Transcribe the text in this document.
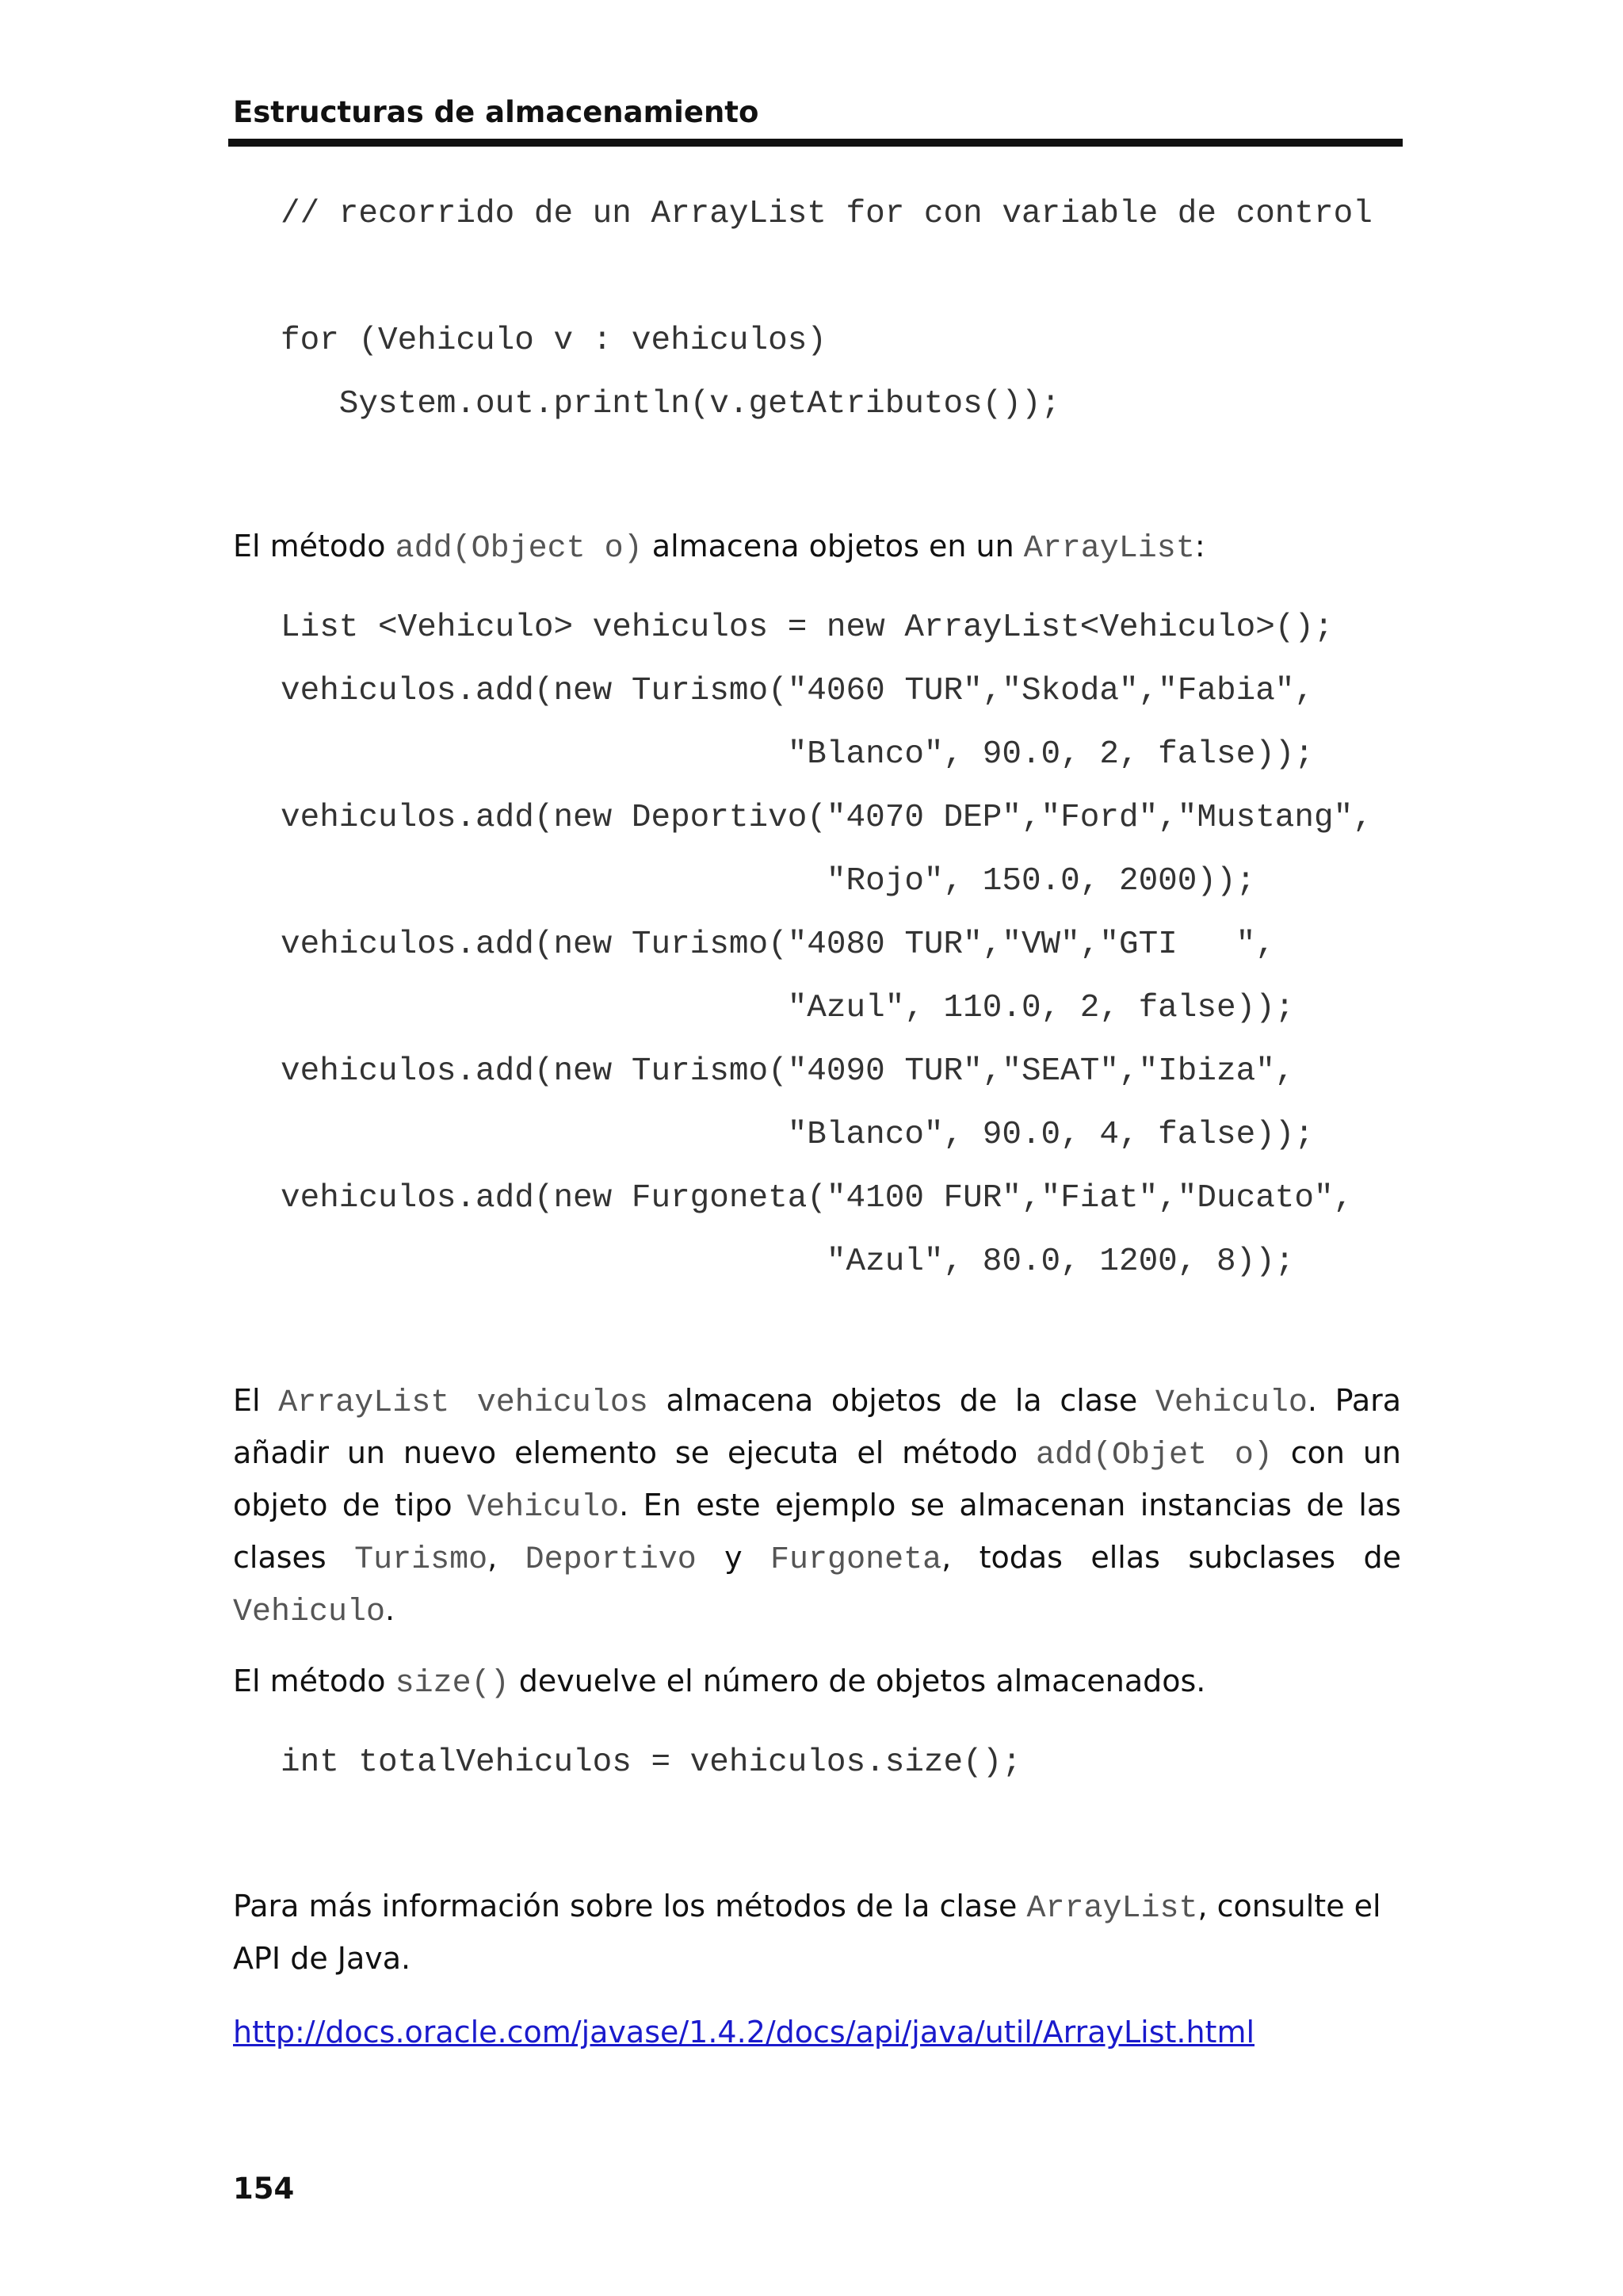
Estructuras de almacenamiento
// recorrido de un ArrayList for con variable de control

for (Vehiculo v : vehiculos)
System.out.println(v.getAtributos());

El método add(Object o) almacena objetos en un ArrayList:

List <Vehiculo> vehiculos = new ArrayList<Vehiculo>();
vehiculos.add(new Turismo("4060 TUR","Skoda","Fabia",
"Blanco", 90.0, 2, false));
vehiculos.add(new Deportivo("4070 DEP","Ford","Mustang",
"Rojo", 150.0, 2000));
vehiculos.add(new Turismo("4080 TUR","VW","GTI   ",
"Azul", 110.0, 2, false));
vehiculos.add(new Turismo("4090 TUR","SEAT","Ibiza",
"Blanco", 90.0, 4, false));
vehiculos.add(new Furgoneta("4100 FUR","Fiat","Ducato",
"Azul", 80.0, 1200, 8));

El ArrayList vehiculos almacena objetos de la clase Vehiculo. Para añadir un nuevo elemento se ejecuta el método add(Objet o) con un objeto de tipo Vehiculo. En este ejemplo se almacenan instancias de las clases Turismo, Deportivo y Furgoneta, todas ellas subclases de Vehiculo.

El método size() devuelve el número de objetos almacenados.

int totalVehiculos = vehiculos.size();

Para más información sobre los métodos de la clase ArrayList, consulte el API de Java.

http://docs.oracle.com/javase/1.4.2/docs/api/java/util/ArrayList.html
154
